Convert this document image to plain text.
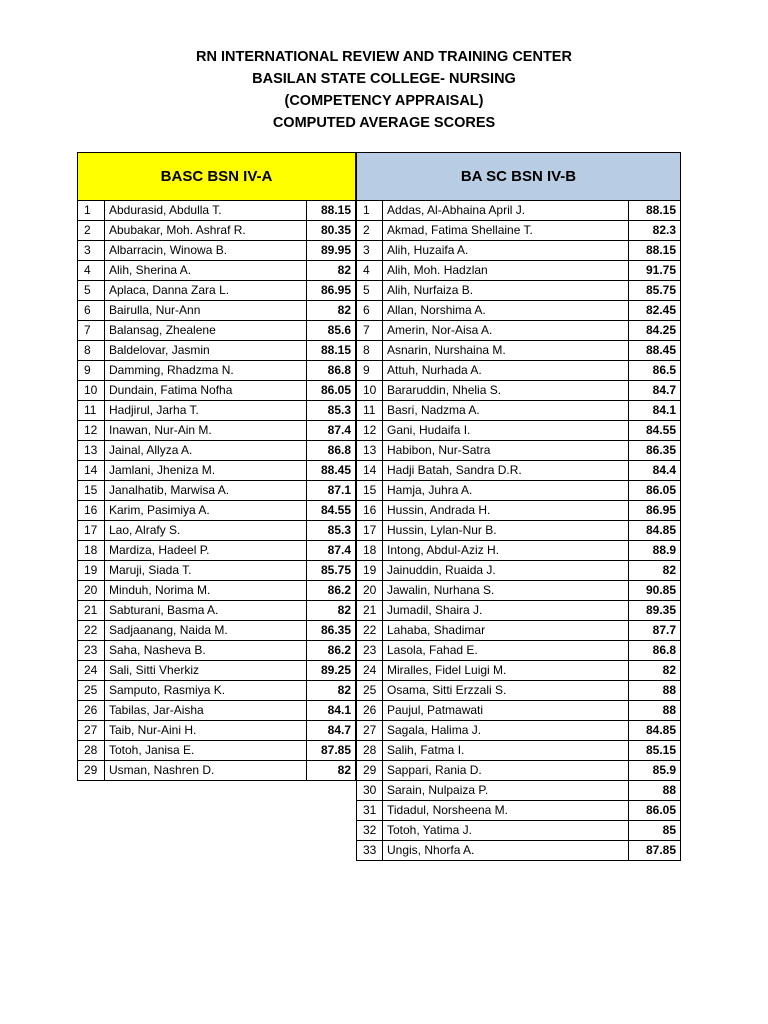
RN INTERNATIONAL REVIEW AND TRAINING CENTER
BASILAN STATE COLLEGE- NURSING
(COMPETENCY APPRAISAL)
COMPUTED AVERAGE SCORES
BASC BSN IV-A		
1	Abdurasid, Abdulla T.	88.15
2	Abubakar, Moh. Ashraf R.	80.35
3	Albarracin, Winowa B.	89.95
4	Alih, Sherina A.	82
5	Aplaca, Danna Zara L.	86.95
6	Bairulla, Nur-Ann	82
7	Balansag, Zhealene	85.6
8	Baldelovar, Jasmin	88.15
9	Damming, Rhadzma N.	86.8
10	Dundain, Fatima Nofha	86.05
11	Hadjirul, Jarha T.	85.3
12	Inawan, Nur-Ain M.	87.4
13	Jainal, Allyza A.	86.8
14	Jamlani, Jheniza M.	88.45
15	Janalhatib, Marwisa A.	87.1
16	Karim, Pasimiya A.	84.55
17	Lao, Alrafy S.	85.3
18	Mardiza, Hadeel P.	87.4
19	Maruji, Siada T.	85.75
20	Minduh, Norima M.	86.2
21	Sabturani, Basma A.	82
22	Sadjaanang, Naida M.	86.35
23	Saha, Nasheva B.	86.2
24	Sali, Sitti Vherkiz	89.25
25	Samputo, Rasmiya K.	82
26	Tabilas, Jar-Aisha	84.1
27	Taib, Nur-Aini H.	84.7
28	Totoh, Janisa E.	87.85
29	Usman, Nashren D.	82
BA SC BSN IV-B		
1	Addas, Al-Abhaina April J.	88.15
2	Akmad, Fatima Shellaine T.	82.3
3	Alih, Huzaifa A.	88.15
4	Alih, Moh. Hadzlan	91.75
5	Alih, Nurfaiza B.	85.75
6	Allan, Norshima A.	82.45
7	Amerin, Nor-Aisa A.	84.25
8	Asnarin, Nurshaina M.	88.45
9	Attuh, Nurhada A.	86.5
10	Bararuddin, Nhelia S.	84.7
11	Basri, Nadzma A.	84.1
12	Gani, Hudaifa I.	84.55
13	Habibon, Nur-Satra	86.35
14	Hadji Batah, Sandra D.R.	84.4
15	Hamja, Juhra A.	86.05
16	Hussin, Andrada H.	86.95
17	Hussin, Lylan-Nur B.	84.85
18	Intong, Abdul-Aziz H.	88.9
19	Jainuddin, Ruaida J.	82
20	Jawalin, Nurhana S.	90.85
21	Jumadil, Shaira J.	89.35
22	Lahaba, Shadimar	87.7
23	Lasola, Fahad E.	86.8
24	Miralles, Fidel Luigi M.	82
25	Osama, Sitti Erzzali S.	88
26	Paujul, Patmawati	88
27	Sagala, Halima J.	84.85
28	Salih, Fatma I.	85.15
29	Sappari, Rania D.	85.9
30	Sarain, Nulpaiza P.	88
31	Tidadul, Norsheena M.	86.05
32	Totoh, Yatima J.	85
33	Ungis, Nhorfa A.	87.85
